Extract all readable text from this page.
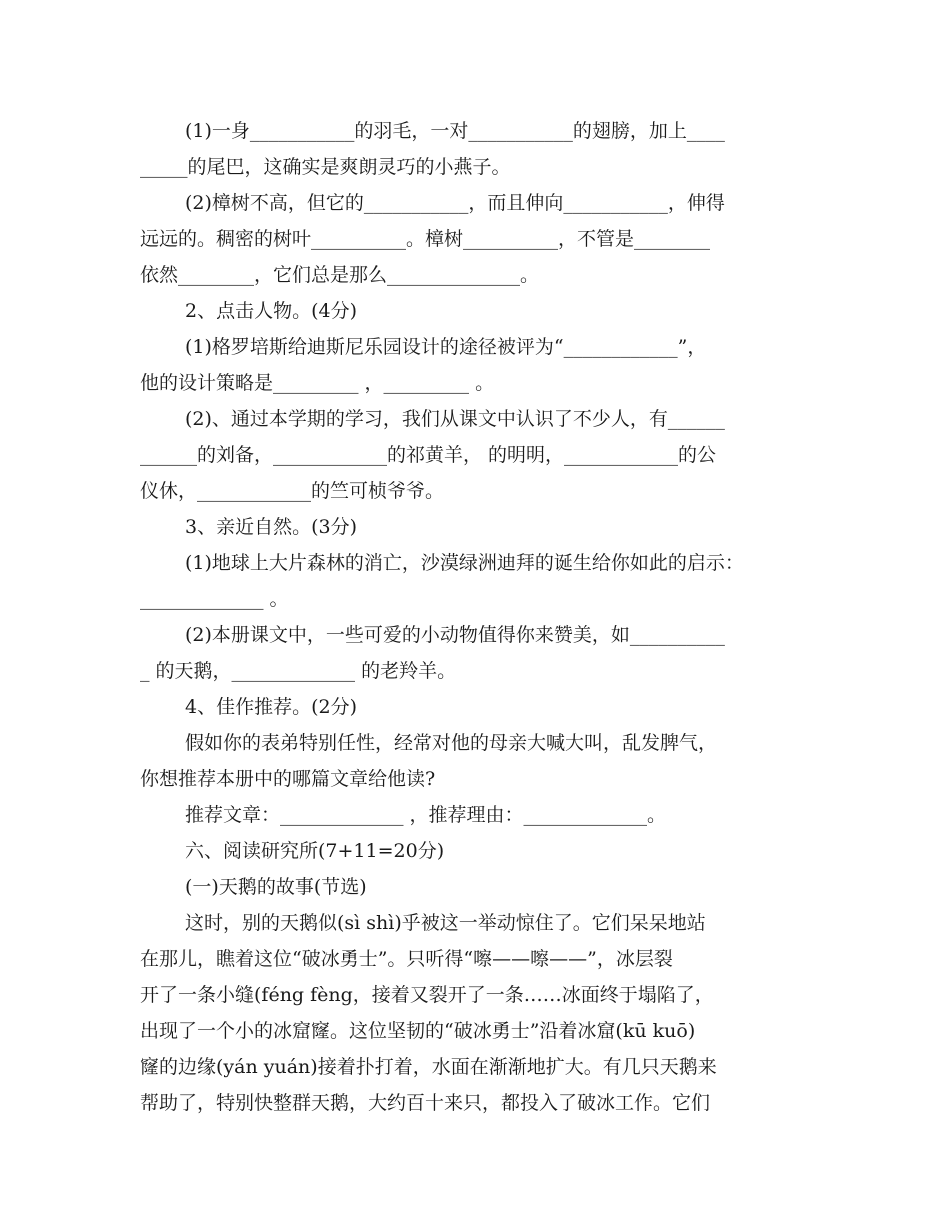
(1)一身___________的羽毛，一对___________的翅膀，加上____
_____的尾巴，这确实是爽朗灵巧的小燕子。
(2)樟树不高，但它的___________，而且伸向___________，伸得
远远的。稠密的树叶__________。樟树__________，不管是________
依然________，它们总是那么______________。
2、点击人物。(4分)
(1)格罗培斯给迪斯尼乐园设计的途径被评为“____________”，
他的设计策略是_________ ，_________ 。
(2)、通过本学期的学习，我们从课文中认识了不少人，有______
______的刘备，____________的祁黄羊， 的明明，____________的公
仪休，____________的竺可桢爷爷。
3、亲近自然。(3分)
(1)地球上大片森林的消亡，沙漠绿洲迪拜的诞生给你如此的启示：
_____________ 。
(2)本册课文中，一些可爱的小动物值得你来赞美，如__________
_ 的天鹅，_____________ 的老羚羊。
4、佳作推荐。(2分)
假如你的表弟特别任性，经常对他的母亲大喊大叫，乱发脾气，
你想推荐本册中的哪篇文章给他读?
推荐文章：_____________ ，推荐理由：_____________。
六、阅读研究所(7+11=20分)
(一)天鹅的故事(节选)
这时，别的天鹅似(sì shì)乎被这一举动惊住了。它们呆呆地站
在那儿，瞧着这位“破冰勇士”。只听得“嚓——嚓——”，冰层裂
开了一条小缝(féng fèng，接着又裂开了一条……冰面终于塌陷了，
出现了一个小的冰窟窿。这位坚韧的“破冰勇士”沿着冰窟(kū kuō)
窿的边缘(yán yuán)接着扑打着，水面在渐渐地扩大。有几只天鹅来
帮助了，特别快整群天鹅，大约百十来只，都投入了破冰工作。它们
